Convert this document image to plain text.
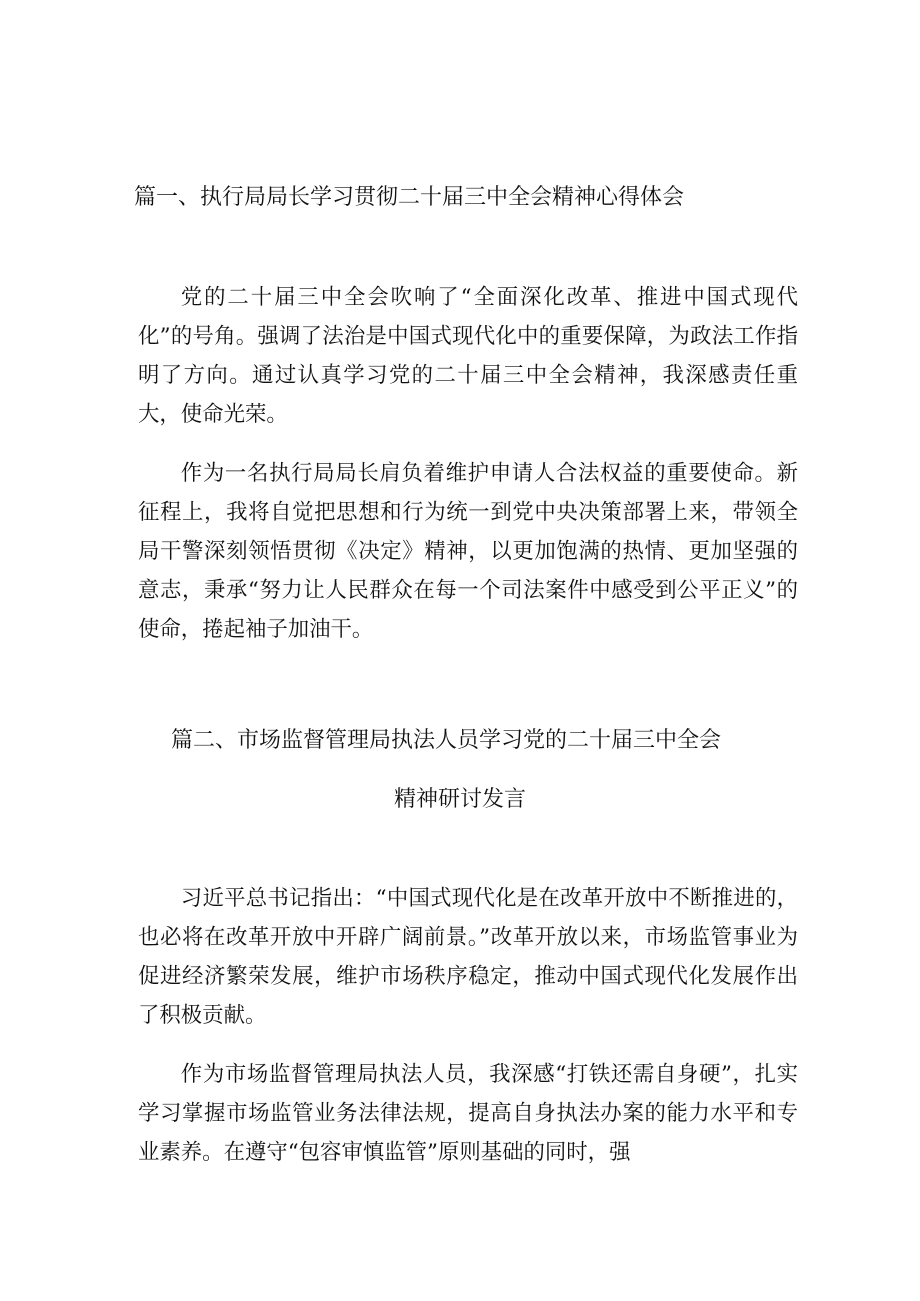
篇一、执行局局长学习贯彻二十届三中全会精神心得体会

党的二十届三中全会吹响了“全面深化改革、推进中国式现代化”的号角。强调了法治是中国式现代化中的重要保障，为政法工作指明了方向。通过认真学习党的二十届三中全会精神，我深感责任重大，使命光荣。

作为一名执行局局长肩负着维护申请人合法权益的重要使命。新征程上，我将自觉把思想和行为统一到党中央决策部署上来，带领全局干警深刻领悟贯彻《决定》精神，以更加饱满的热情、更加坚强的意志，秉承“努力让人民群众在每一个司法案件中感受到公平正义”的使命，捲起袖子加油干。

篇二、市场监督管理局执法人员学习党的二十届三中全会
精神研讨发言

习近平总书记指出：“中国式现代化是在改革开放中不断推进的，也必将在改革开放中开辟广阔前景。”改革开放以来，市场监管事业为促进经济繁荣发展，维护市场秩序稳定，推动中国式现代化发展作出了积极贡献。

作为市场监督管理局执法人员，我深感“打铁还需自身硬”，扎实学习掌握市场监管业务法律法规，提高自身执法办案的能力水平和专业素养。在遵守“包容审慎监管”原则基础的同时，强
